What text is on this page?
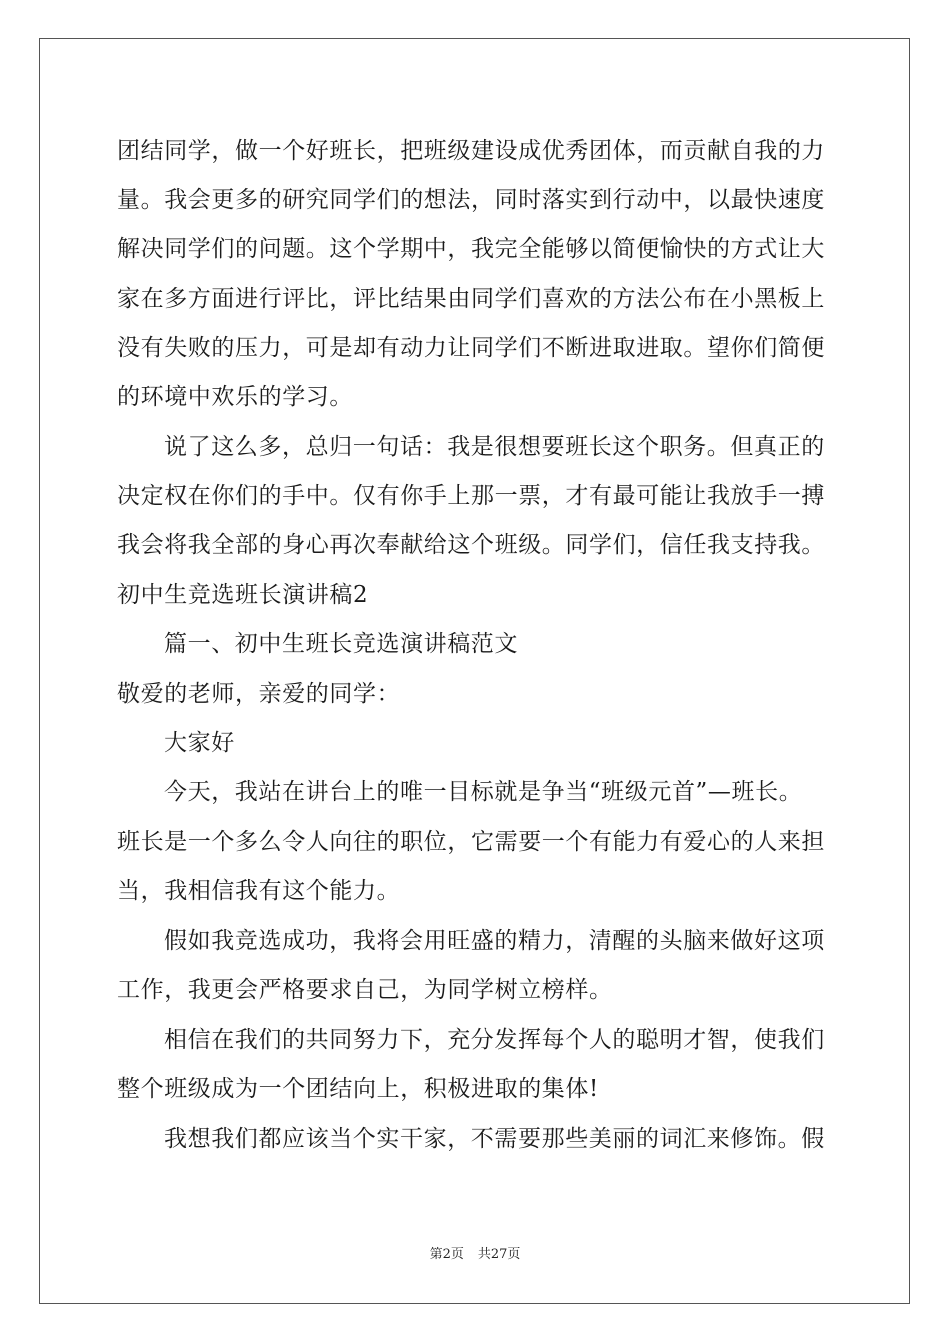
团结同学，做一个好班长，把班级建设成优秀团体，而贡献自我的力
量。我会更多的研究同学们的想法，同时落实到行动中，以最快速度
解决同学们的问题。这个学期中，我完全能够以简便愉快的方式让大
家在多方面进行评比，评比结果由同学们喜欢的方法公布在小黑板上
没有失败的压力，可是却有动力让同学们不断进取进取。望你们简便
的环境中欢乐的学习。
说了这么多，总归一句话：我是很想要班长这个职务。但真正的
决定权在你们的手中。仅有你手上那一票，才有最可能让我放手一搏
我会将我全部的身心再次奉献给这个班级。同学们，信任我支持我。
初中生竞选班长演讲稿2
篇一、初中生班长竞选演讲稿范文
敬爱的老师，亲爱的同学：
大家好
今天，我站在讲台上的唯一目标就是争当“班级元首”—班长。
班长是一个多么令人向往的职位，它需要一个有能力有爱心的人来担
当，我相信我有这个能力。
假如我竞选成功，我将会用旺盛的精力，清醒的头脑来做好这项
工作，我更会严格要求自己，为同学树立榜样。
相信在我们的共同努力下，充分发挥每个人的聪明才智，使我们
整个班级成为一个团结向上，积极进取的集体!
我想我们都应该当个实干家，不需要那些美丽的词汇来修饰。假
第2页 共27页
